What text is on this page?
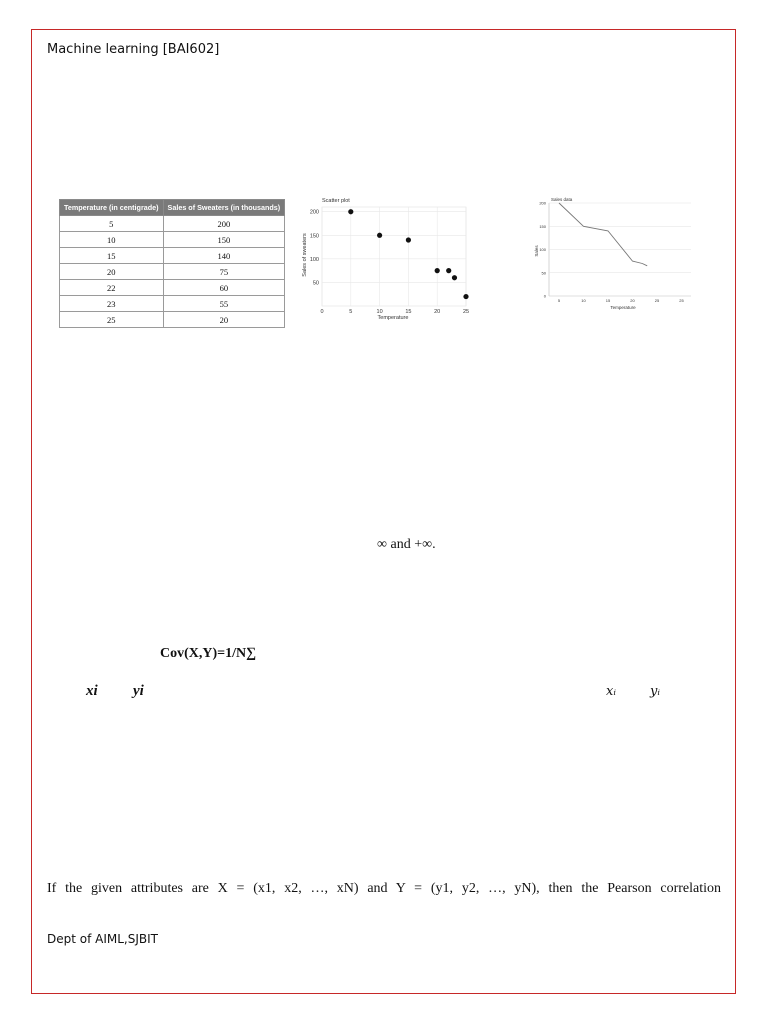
Machine learning [BAI602]
Temperature (in centigrade)	Sales of Sweaters (in thousands)
5	200
10	150
15	140
20	75
22	60
23	55
25	20
Scatter plot
0	5	10	15	20	25
50
100
150
200
Temperature
Sales of sweaters
Sales data
0
50
100
150
200
5	10	15	20	25	25
Temperature
Sales
∞ and +∞.
Cov(X,Y)=1/N∑
xi yi	xᵢ	yᵢ
If the given attributes are X = (x1, x2, …, xN) and Y = (y1, y2, …, yN), then the Pearson correlation
Dept of AIML,SJBIT
